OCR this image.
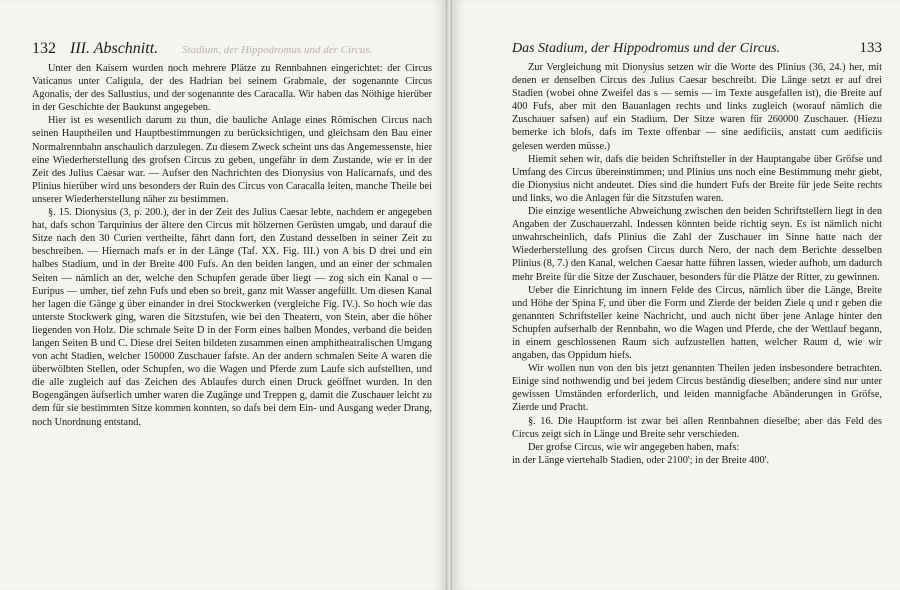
132 III. Abschnitt. Stadium, der Hippodromus und der Circus.

Unter den Kaisern wurden noch mehrere Plätze zu Rennbahnen eingerichtet: der Circus Vaticanus unter Caligula, der des Hadrian bei seinem Grabmale, der sogenannte Circus Agonalis, der des Sallustius, und der sogenannte des Caracalla. Wir haben das Nöthige hierüber in der Geschichte der Baukunst angegeben.

Hier ist es wesentlich darum zu thun, die bauliche Anlage eines Römischen Circus nach seinen Hauptheilen und Hauptbestimmungen zu berücksichtigen, und gleichsam den Bau einer Normalrennbahn anschaulich darzulegen. Zu diesem Zweck scheint uns das Angemessenste, hier eine Wiederherstellung des grofsen Circus zu geben, ungefähr in dem Zustande, wie er in der Zeit des Julius Caesar war. — Aufser den Nachrichten des Dionysius von Halicarnafs, und des Plinius hierüber wird uns besonders der Ruin des Circus von Caracalla leiten, manche Theile bei unserer Wiederherstellung näher zu bestimmen.

§. 15. Dionysius (3, p. 200.), der in der Zeit des Julius Caesar lebte, nachdem er angegeben hat, dafs schon Tarquinius der ältere den Circus mit hölzernen Gerüsten umgab, und darauf die Sitze nach den 30 Curien vertheilte, fährt dann fort, den Zustand desselben in seiner Zeit zu beschreiben. — Hiernach mafs er in der Länge (Taf. XX. Fig. III.) von A bis D drei und ein halbes Stadium, und in der Breite 400 Fufs. An den beiden langen, und an einer der schmalen Seiten — nämlich an der, welche den Schupfen gerade über liegt — zog sich ein Kanal o — Euripus — umher, tief zehn Fufs und eben so breit, ganz mit Wasser angefüllt. Um diesen Kanal her lagen die Gänge g über einander in drei Stockwerken (vergleiche Fig. IV.). So hoch wie das unterste Stockwerk ging, waren die Sitzstufen, wie bei den Theatern, von Stein, aber die höher liegenden von Holz. Die schmale Seite D in der Form eines halben Mondes, verband die beiden langen Seiten B und C. Diese drei Seiten bildeten zusammen einen amphitheatralischen Umgang von acht Stadien, welcher 150000 Zuschauer fafste. An der andern schmalen Seite A waren die überwölbten Stellen, oder Schupfen, wo die Wagen und Pferde zum Laufe sich aufstellten, und die alle zugleich auf das Zeichen des Ablaufes durch einen Druck geöffnet wurden. In den Bogengängen äufserlich umher waren die Zugänge und Treppen g, damit die Zuschauer leicht zu dem für sie bestimmten Sitze kommen konnten, so dafs bei dem Ein- und Ausgang weder Drang, noch Unordnung entstand.

Das Stadium, der Hippodromus und der Circus.	133

Zur Vergleichung mit Dionysius setzen wir die Worte des Plinius (36, 24.) her, mit denen er denselben Circus des Julius Caesar beschreibt. Die Länge setzt er auf drei Stadien (wobei ohne Zweifel das s — semis — im Texte ausgefallen ist), die Breite auf 400 Fufs, aber mit den Bauanlagen rechts und links zugleich (worauf nämlich die Zuschauer safsen) auf ein Stadium. Der Sitze waren für 260000 Zuschauer. (Hiezu bemerke ich blofs, dafs im Texte offenbar — sine aedificiis, anstatt cum aedificiis gelesen werden müsse.)

Hiemit sehen wir, dafs die beiden Schriftsteller in der Hauptangabe über Gröfse und Umfang des Circus übereinstimmen; und Plinius uns noch eine Bestimmung mehr giebt, die Dionysius nicht andeutet. Dies sind die hundert Fufs der Breite für jede Seite rechts und links, wo die Anlagen für die Sitzstufen waren.

Die einzige wesentliche Abweichung zwischen den beiden Schriftstellern liegt in den Angaben der Zuschauerzahl. Indessen könnten beide richtig seyn. Es ist nämlich nicht unwahrscheinlich, dafs Plinius die Zahl der Zuschauer im Sinne hatte nach der Wiederherstellung des grofsen Circus durch Nero, der nach dem Berichte desselben Plinius (8, 7.) den Kanal, welchen Caesar hatte führen lassen, wieder aufhob, um dadurch mehr Breite für die Sitze der Zuschauer, besonders für die Plätze der Ritter, zu gewinnen.

Ueber die Einrichtung im innern Felde des Circus, nämlich über die Länge, Breite und Höhe der Spina F, und über die Form und Zierde der beiden Ziele q und r geben die genannten Schriftsteller keine Nachricht, und auch nicht über jene Anlage hinter den Schupfen aufserhalb der Rennbahn, wo die Wagen und Pferde, che der Wettlauf begann, in einem geschlossenen Raum sich aufzustellen hatten, welcher Raum d, wie wir angaben, das Oppidum hiefs.

Wir wollen nun von den bis jetzt genannten Theilen jeden insbesondere betrachten. Einige sind nothwendig und bei jedem Circus beständig dieselben; andere sind nur unter gewissen Umständen erforderlich, und leiden mannigfache Abänderungen in Gröfse, Zierde und Pracht.

§. 16. Die Hauptform ist zwar bei allen Rennbahnen dieselbe; aber das Feld des Circus zeigt sich in Länge und Breite sehr verschieden.

Der grofse Circus, wie wir angegeben haben, mafs:

in der Länge viertehalb Stadien, oder 2100'; in der Breite 400'.
